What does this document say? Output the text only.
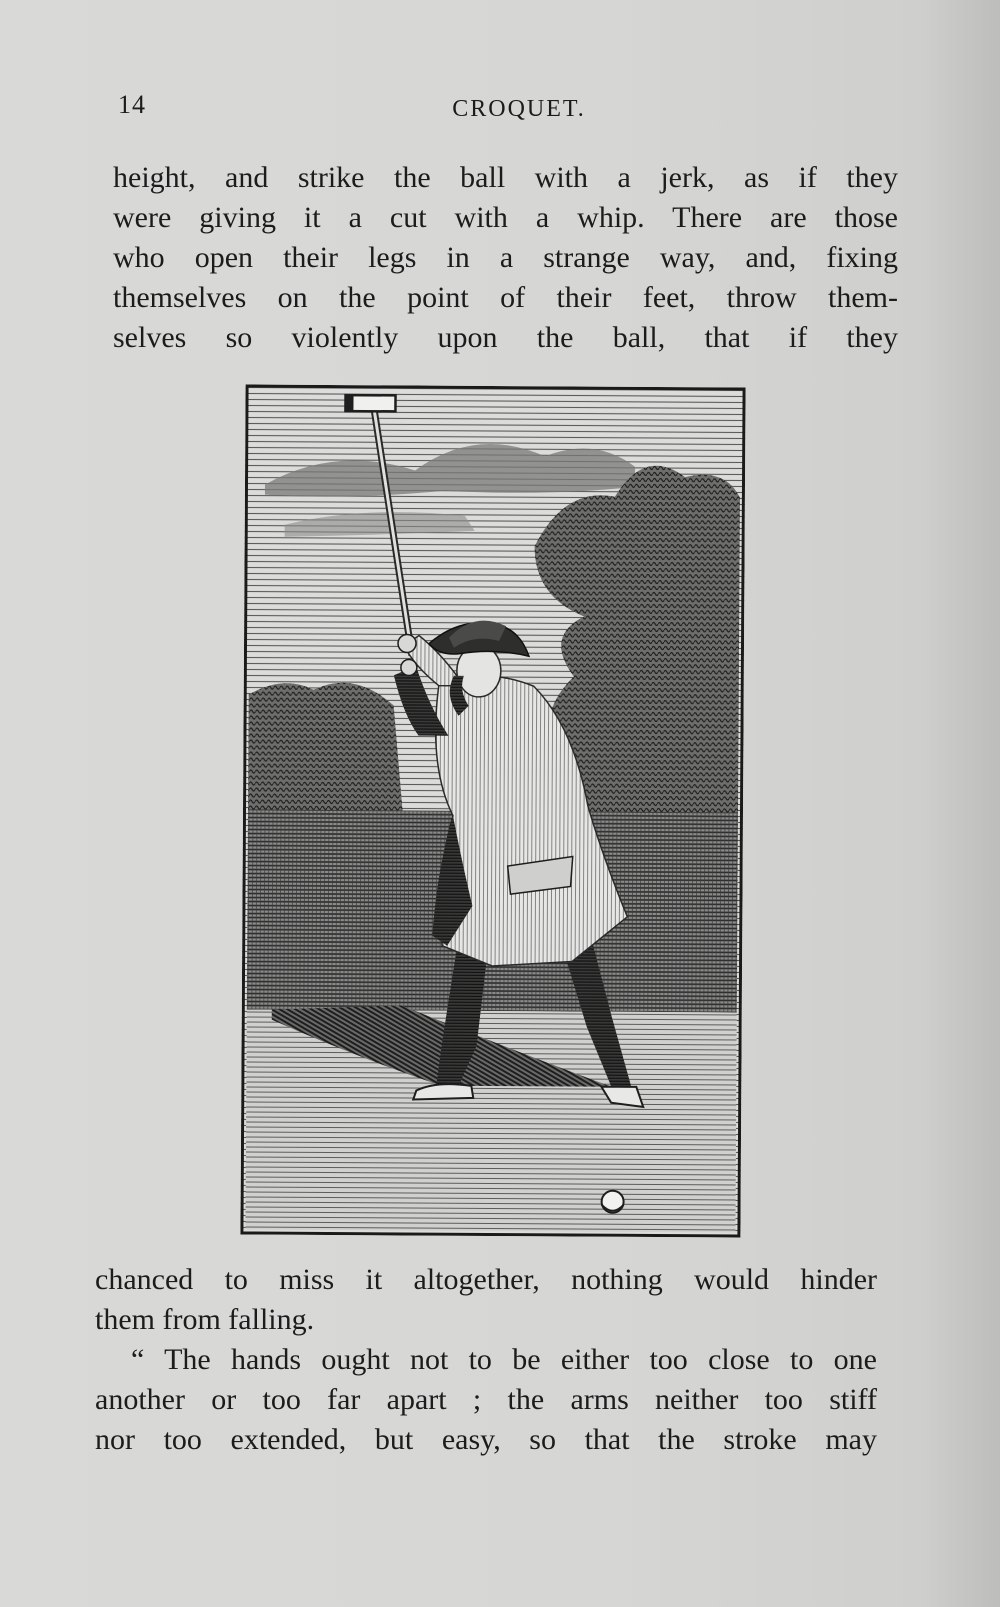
14	CROQUET.

height, and strike the ball with a jerk, as if they
were giving it a cut with a whip. There are those
who open their legs in a strange way, and, fixing
themselves on the point of their feet, throw them-
selves so violently upon the ball, that if they

chanced to miss it altogether, nothing would hinder
them from falling.
“ The hands ought not to be either too close to one
another or too far apart ; the arms neither too stiff
nor too extended, but easy, so that the stroke may
